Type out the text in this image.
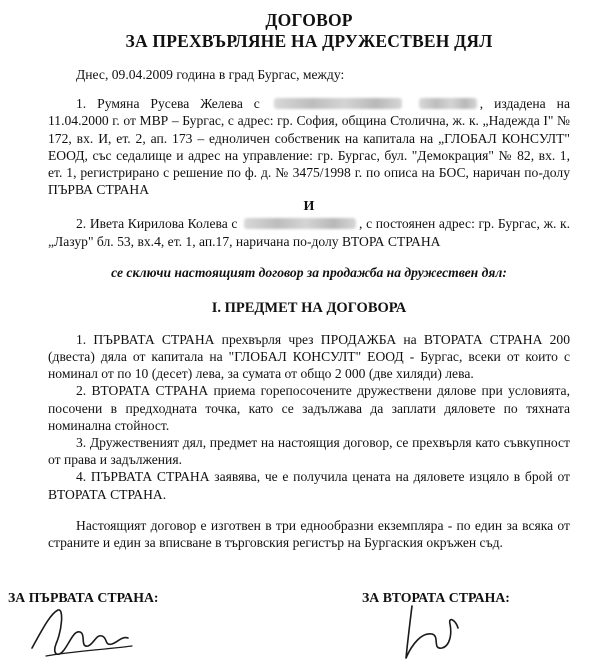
ДОГОВОР
ЗА ПРЕХВЪРЛЯНЕ НА ДРУЖЕСТВЕН ДЯЛ

Днес, 09.04.2009 година в град Бургас, между:

1. Румяна Русева Желева с	, издадена на 11.04.2000 г. от МВР – Бургас, с адрес: гр. София, община Столична, ж. к. „Надежда I" № 172, вх. И, ет. 2, ап. 173 – едноличен собственик на капитала на „ГЛОБАЛ КОНСУЛТ" ЕООД, със седалище и адрес на управление: гр. Бургас, бул. "Демокрация" № 82, вх. 1, ет. 1, регистрирано с решение по ф. д. № 3475/1998 г. по описа на БОС, наричан по-долу ПЪРВА СТРАНА

И

2. Ивета Кирилова Колева с	, с постоянен адрес: гр. Бургас, ж. к. „Лазур" бл. 53, вх.4, ет. 1, ап.17, наричана по-долу ВТОРА СТРАНА

се сключи настоящият договор за продажба на дружествен дял:
I. ПРЕДМЕТ НА ДОГОВОРА

1. ПЪРВАТА СТРАНА прехвърля чрез ПРОДАЖБА на ВТОРАТА СТРАНА 200 (двеста) дяла от капитала на "ГЛОБАЛ КОНСУЛТ" ЕООД - Бургас, всеки от които с номинал от по 10 (десет) лева, за сумата от общо 2 000 (две хиляди) лева.

2. ВТОРАТА СТРАНА приема горепосочените дружествени дялове при условията, посочени в предходната точка, като се задължава да заплати дяловете по тяхната номинална стойност.

3. Дружественият дял, предмет на настоящия договор, се прехвърля като съвкупност от права и задължения.

4. ПЪРВАТА СТРАНА заявява, че е получила цената на дяловете изцяло в брой от ВТОРАТА СТРАНА.

Настоящият договор е изготвен в три еднообразни екземпляра - по един за всяка от страните и един за вписване в търговския регистър на Бургаския окръжен съд.

ЗА ПЪРВАТА СТРАНА:	ЗА ВТОРАТА СТРАНА:
